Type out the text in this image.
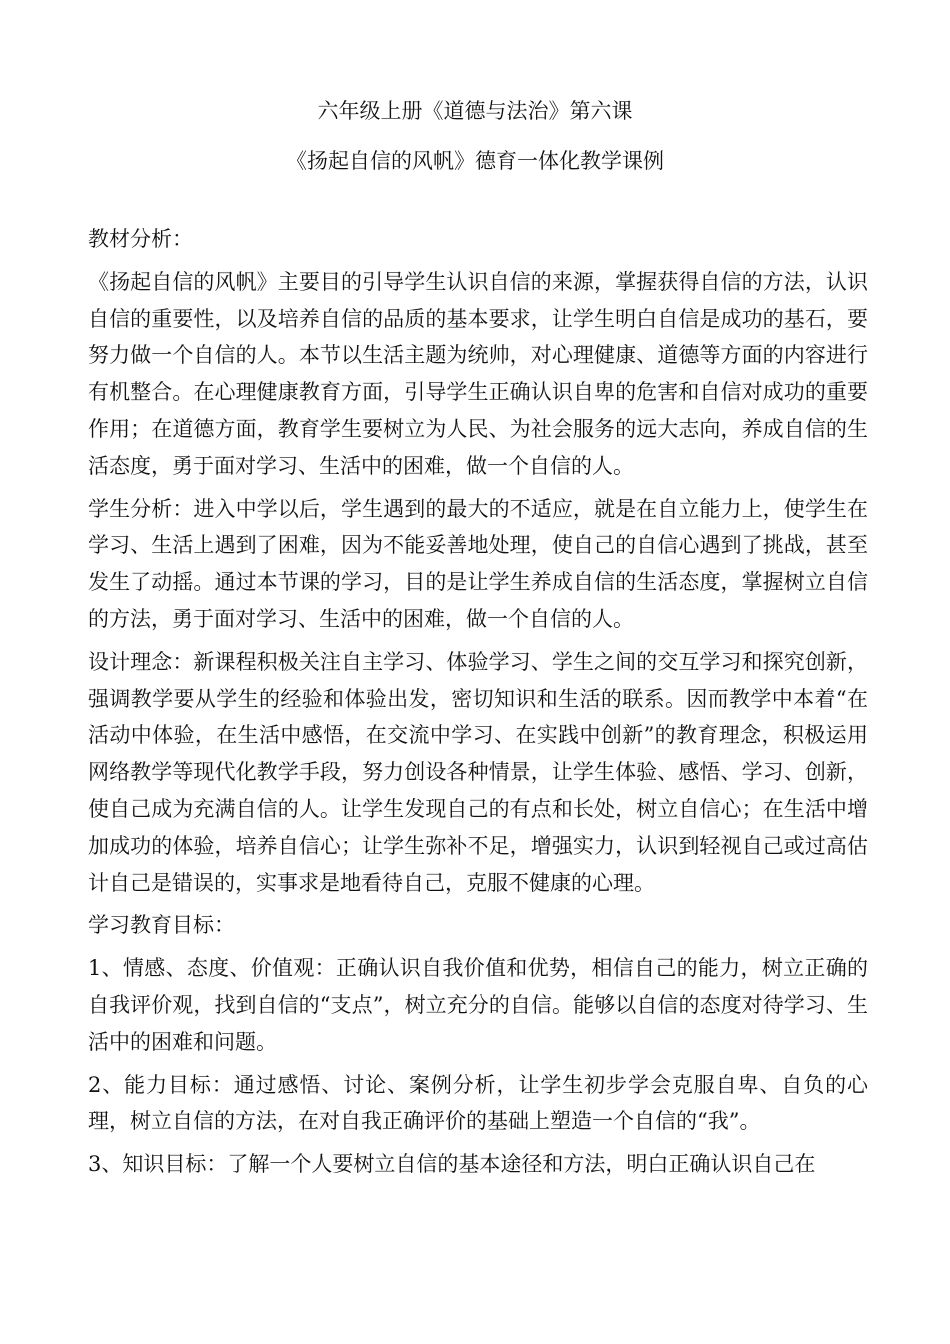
六年级上册《道德与法治》第六课
《扬起自信的风帆》德育一体化教学课例

教材分析：

《扬起自信的风帆》主要目的引导学生认识自信的来源，掌握获得自信的方法，认识自信的重要性，以及培养自信的品质的基本要求，让学生明白自信是成功的基石，要努力做一个自信的人。本节以生活主题为统帅，对心理健康、道德等方面的内容进行有机整合。在心理健康教育方面，引导学生正确认识自卑的危害和自信对成功的重要作用；在道德方面，教育学生要树立为人民、为社会服务的远大志向，养成自信的生活态度，勇于面对学习、生活中的困难，做一个自信的人。

学生分析：进入中学以后，学生遇到的最大的不适应，就是在自立能力上，使学生在学习、生活上遇到了困难，因为不能妥善地处理，使自己的自信心遇到了挑战，甚至发生了动摇。通过本节课的学习，目的是让学生养成自信的生活态度，掌握树立自信的方法，勇于面对学习、生活中的困难，做一个自信的人。

设计理念：新课程积极关注自主学习、体验学习、学生之间的交互学习和探究创新，强调教学要从学生的经验和体验出发，密切知识和生活的联系。因而教学中本着“在活动中体验，在生活中感悟，在交流中学习、在实践中创新”的教育理念，积极运用网络教学等现代化教学手段，努力创设各种情景，让学生体验、感悟、学习、创新，使自己成为充满自信的人。让学生发现自己的有点和长处，树立自信心；在生活中增加成功的体验，培养自信心；让学生弥补不足，增强实力，认识到轻视自己或过高估计自己是错误的，实事求是地看待自己，克服不健康的心理。

学习教育目标：

1、情感、态度、价值观：正确认识自我价值和优势，相信自己的能力，树立正确的自我评价观，找到自信的“支点”，树立充分的自信。能够以自信的态度对待学习、生活中的困难和问题。

2、能力目标：通过感悟、讨论、案例分析，让学生初步学会克服自卑、自负的心理，树立自信的方法，在对自我正确评价的基础上塑造一个自信的“我”。

3、知识目标：了解一个人要树立自信的基本途径和方法，明白正确认识自己在
